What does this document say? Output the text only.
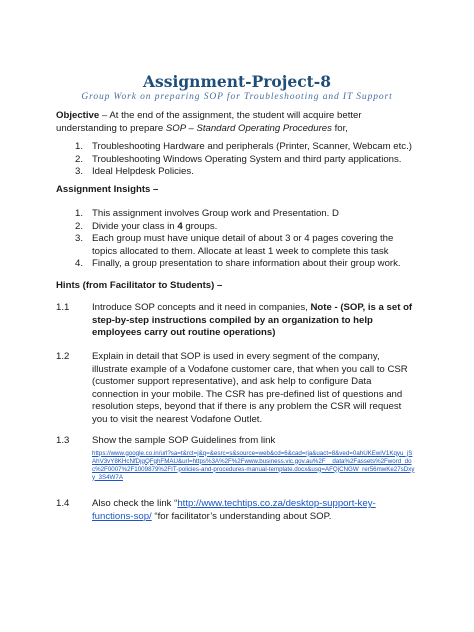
Assignment-Project-8
Group Work on preparing SOP for Troubleshooting and IT Support
Objective – At the end of the assignment, the student will acquire better understanding to prepare SOP – Standard Operating Procedures for,
1. Troubleshooting Hardware and peripherals (Printer, Scanner, Webcam etc.)
2. Troubleshooting Windows Operating System and third party applications.
3. Ideal Helpdesk Policies.
Assignment Insights –
1. This assignment involves Group work and Presentation. D
2. Divide your class in 4 groups.
3. Each group must have unique detail of about 3 or 4 pages covering the topics allocated to them. Allocate at least 1 week to complete this task
4. Finally, a group presentation to share information about their group work.
Hints (from Facilitator to Students) –
1.1 Introduce SOP concepts and it need in companies, Note - (SOP, is a set of step-by-step instructions compiled by an organization to help employees carry out routine operations)
1.2 Explain in detail that SOP is used in every segment of the company, illustrate example of a Vodafone customer care, that when you call to CSR (customer support representative), and ask help to configure Data connection in your mobile. The CSR has pre-defined list of questions and resolution steps, beyond that if there is any problem the CSR will request you to visit the nearest Vodafone Outlet.
1.3 Show the sample SOP Guidelines from link
https://www.google.co.in/url?sa=t&rct=j&q=&esrc=s&source=web&cd=6&cad=rja&uact=8&ved=0ahUKEwiV1Kqyu_jSAhV3vY8KHcNfDjgQFghFMAU&url=https%3A%2F%2Fwww.business.vic.gov.au%2F__data%2Fassets%2Fword_doc%2F0007%2F1009879%2FIT-policies-and-procedures-manual-template.docx&usg=AFQjCNGW_rer56mwKe27sDxyy_3S4W7A
1.4 Also check the link “http://www.techtips.co.za/desktop-support-key-functions-sop/ “for facilitator’s understanding about SOP.
